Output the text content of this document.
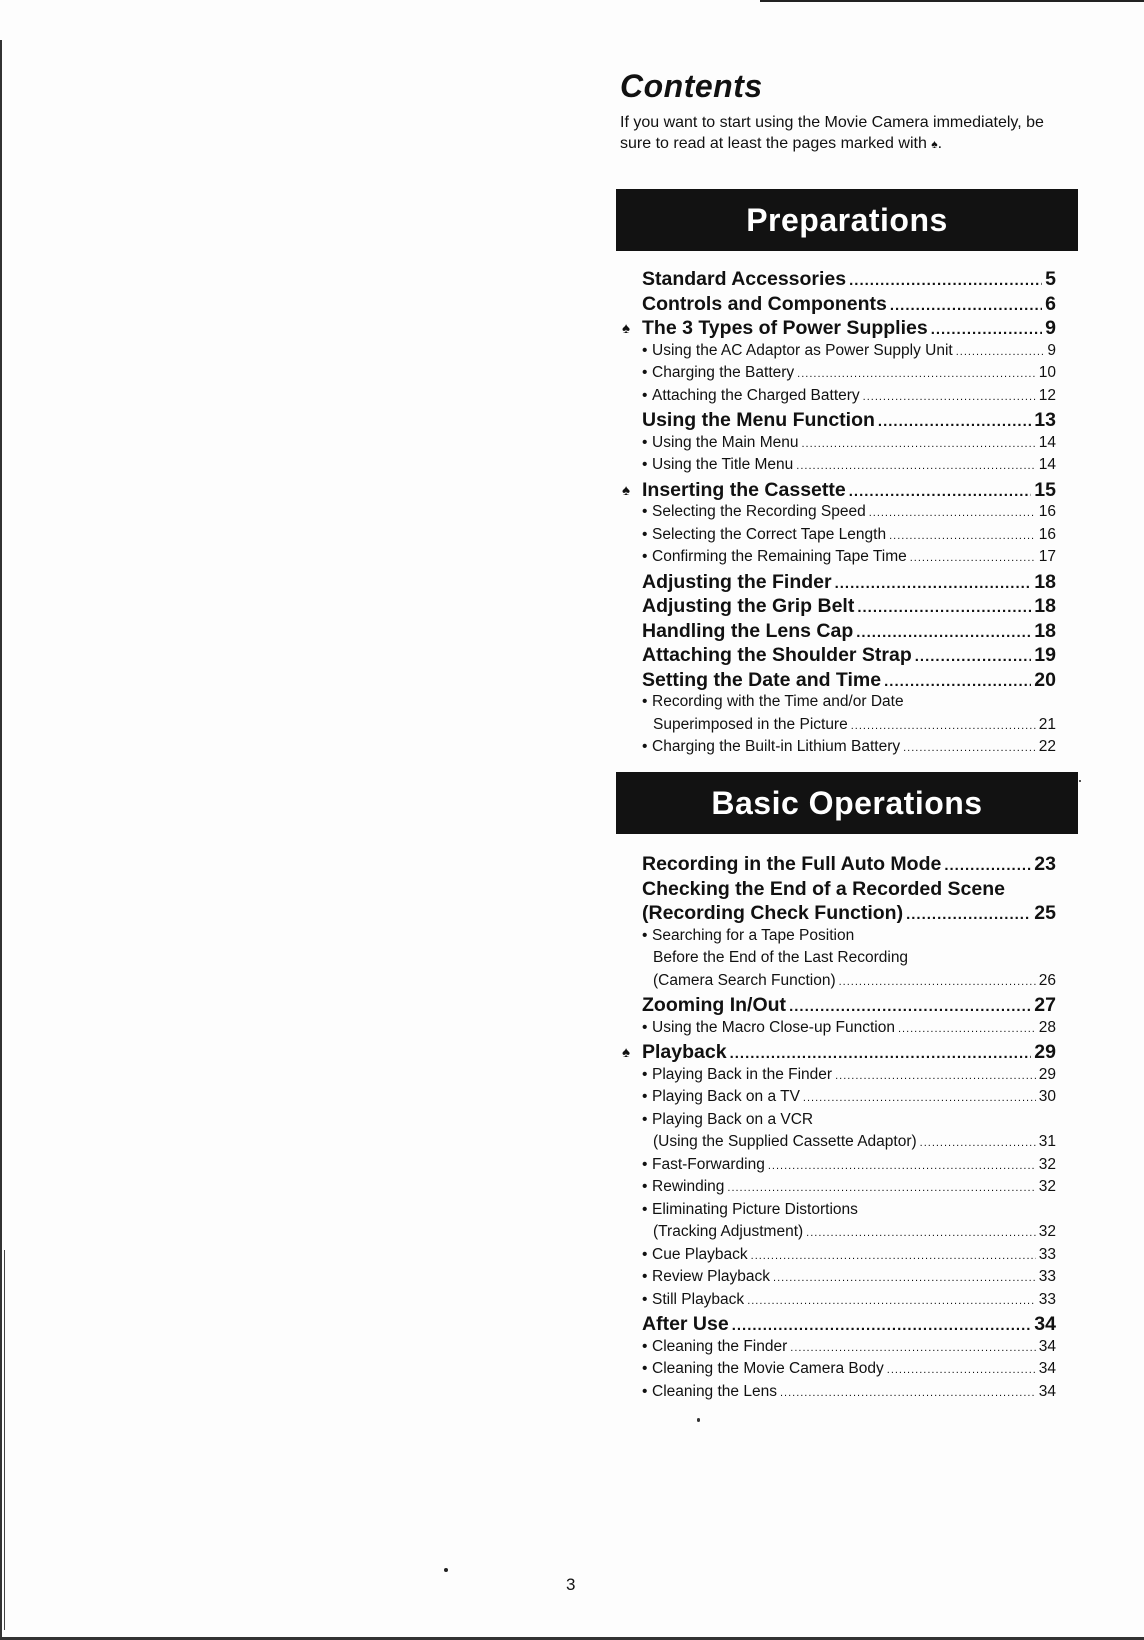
Contents
If you want to start using the Movie Camera immediately, be sure to read at least the pages marked with ♠.
Preparations
Standard Accessories .....	5
Controls and Components .....	6
♠ The 3 Types of Power Supplies .....	9
• Using the AC Adaptor as Power Supply Unit .....	9
• Charging the Battery .....	10
• Attaching the Charged Battery .....	12
Using the Menu Function .....	13
• Using the Main Menu .....	14
• Using the Title Menu .....	14
♠ Inserting the Cassette .....	15
• Selecting the Recording Speed .....	16
• Selecting the Correct Tape Length .....	16
• Confirming the Remaining Tape Time .....	17
Adjusting the Finder .....	18
Adjusting the Grip Belt .....	18
Handling the Lens Cap .....	18
Attaching the Shoulder Strap .....	19
Setting the Date and Time .....	20
• Recording with the Time and/or Date
Superimposed in the Picture .....	21
• Charging the Built-in Lithium Battery .....	22
Basic Operations
Recording in the Full Auto Mode .....	23
Checking the End of a Recorded Scene
(Recording Check Function) .....	25
• Searching for a Tape Position
Before the End of the Last Recording
(Camera Search Function) .....	26
Zooming In/Out .....	27
• Using the Macro Close-up Function .....	28
♠ Playback .....	29
• Playing Back in the Finder .....	29
• Playing Back on a TV .....	30
• Playing Back on a VCR
(Using the Supplied Cassette Adaptor) .....	31
• Fast-Forwarding .....	32
• Rewinding .....	32
• Eliminating Picture Distortions
(Tracking Adjustment) .....	32
• Cue Playback .....	33
• Review Playback .....	33
• Still Playback .....	33
After Use .....	34
• Cleaning the Finder .....	34
• Cleaning the Movie Camera Body .....	34
• Cleaning the Lens .....	34
3
